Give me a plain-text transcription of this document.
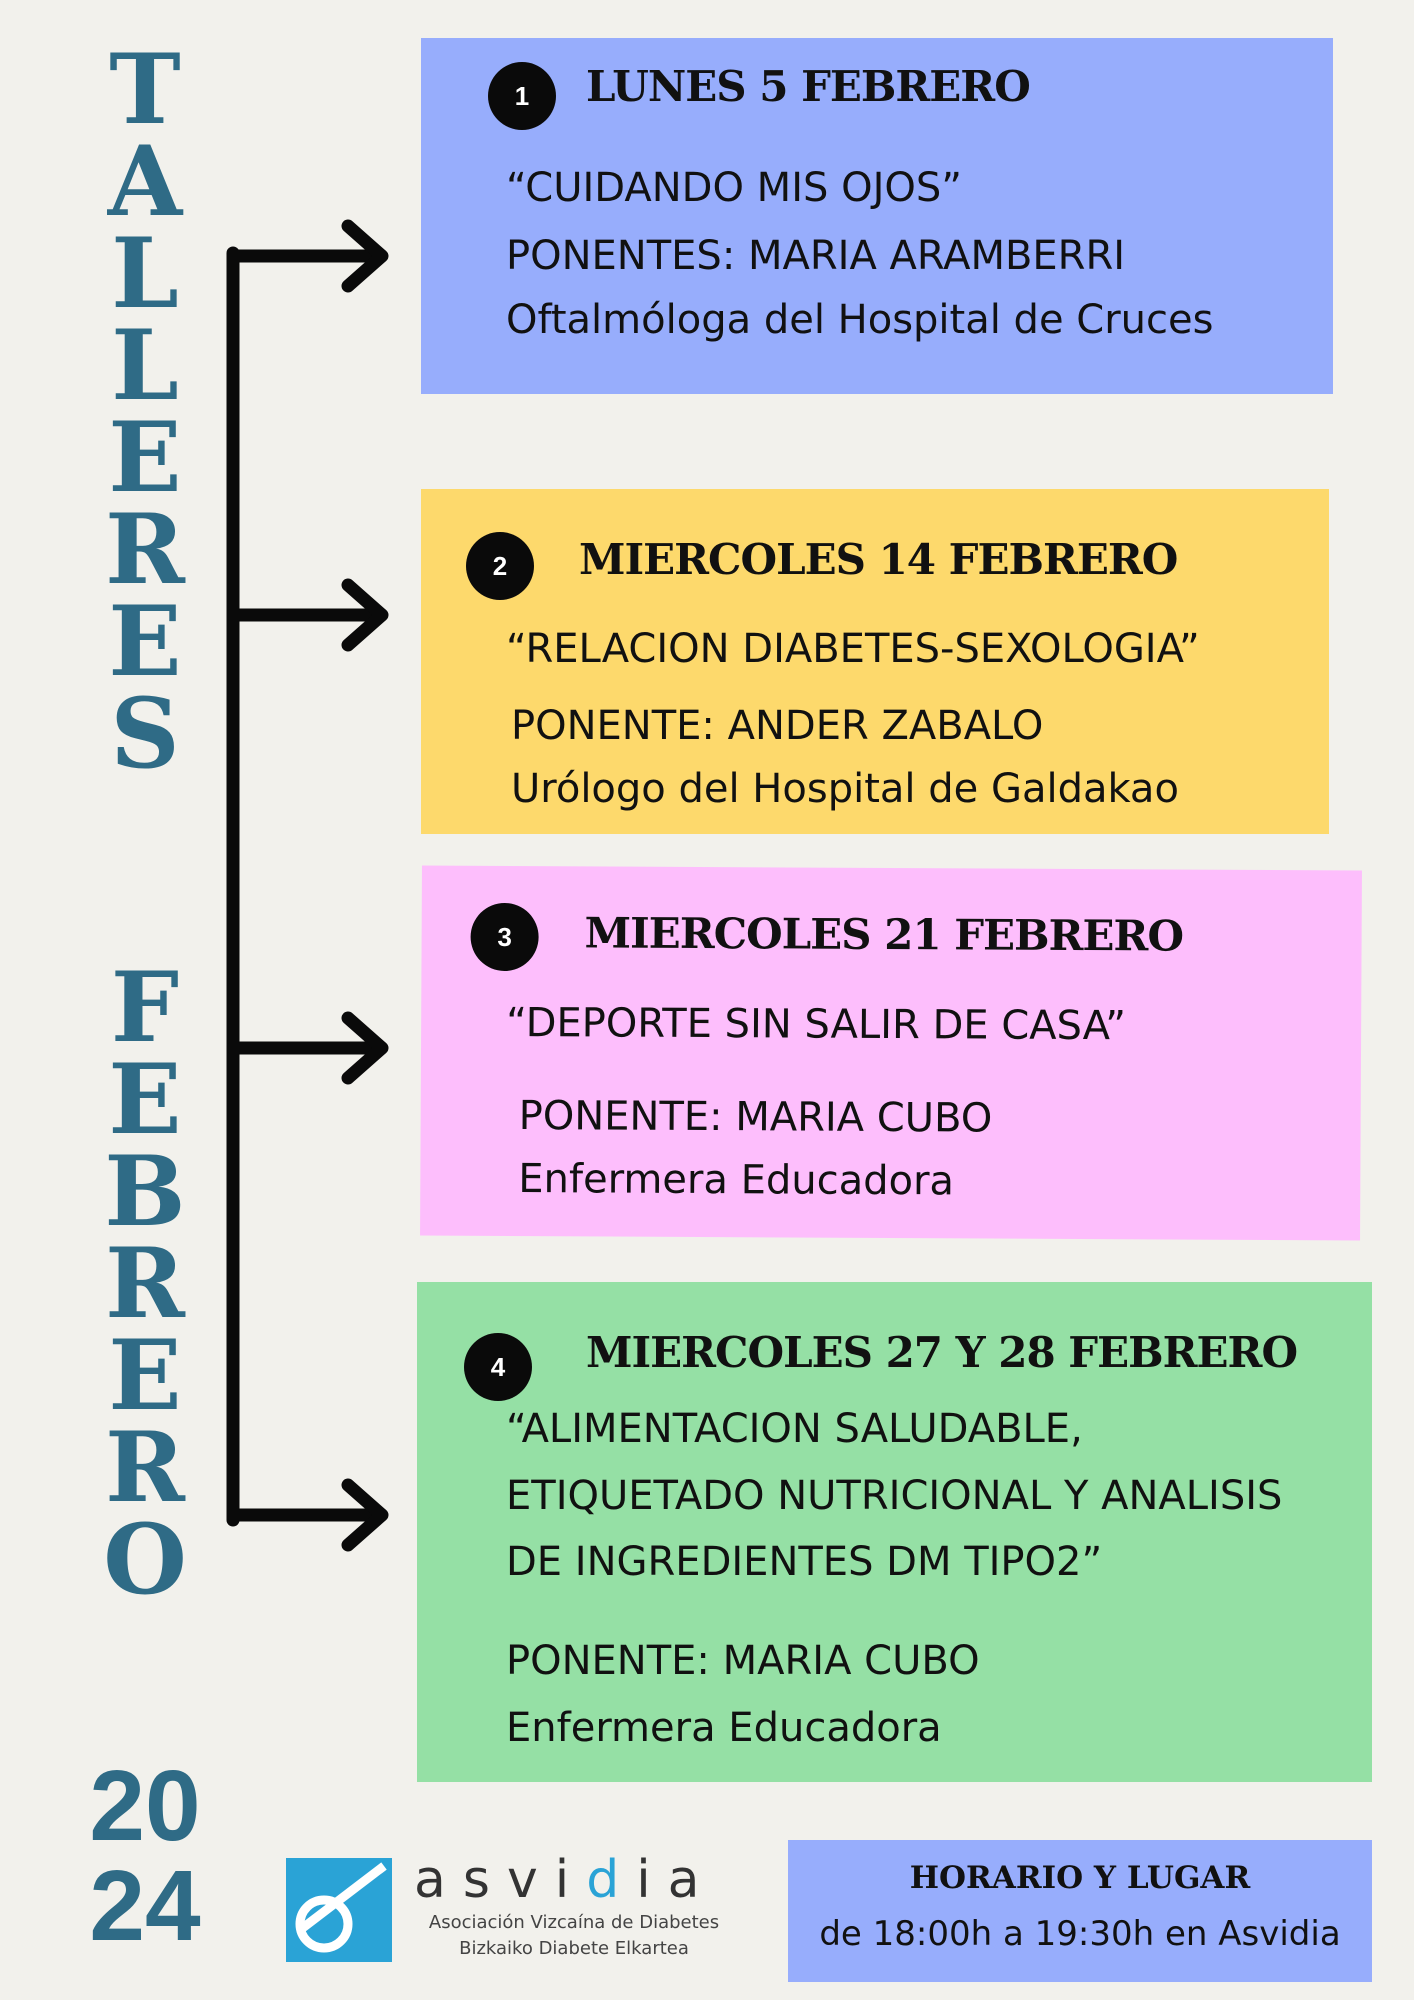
T
A
L
L
E
R
E
S
F
E
B
R
E
R
O
20
24
1	LUNES 5 FEBRERO
“CUIDANDO MIS OJOS”
PONENTES: MARIA ARAMBERRI
Oftalmóloga del Hospital de Cruces
2	MIERCOLES 14 FEBRERO
“RELACION DIABETES-SEXOLOGIA”
PONENTE: ANDER ZABALO
Urólogo del Hospital de Galdakao
3	MIERCOLES 21 FEBRERO
“DEPORTE SIN SALIR DE CASA”
PONENTE: MARIA CUBO
Enfermera Educadora
4	MIERCOLES 27 Y 28 FEBRERO
“ALIMENTACION SALUDABLE,
ETIQUETADO NUTRICIONAL Y ANALISIS
DE INGREDIENTES DM TIPO2”
PONENTE: MARIA CUBO
Enfermera Educadora
asvidia
Asociación Vizcaína de Diabetes
Bizkaiko Diabete Elkartea
HORARIO Y LUGAR
de 18:00h a 19:30h en Asvidia
